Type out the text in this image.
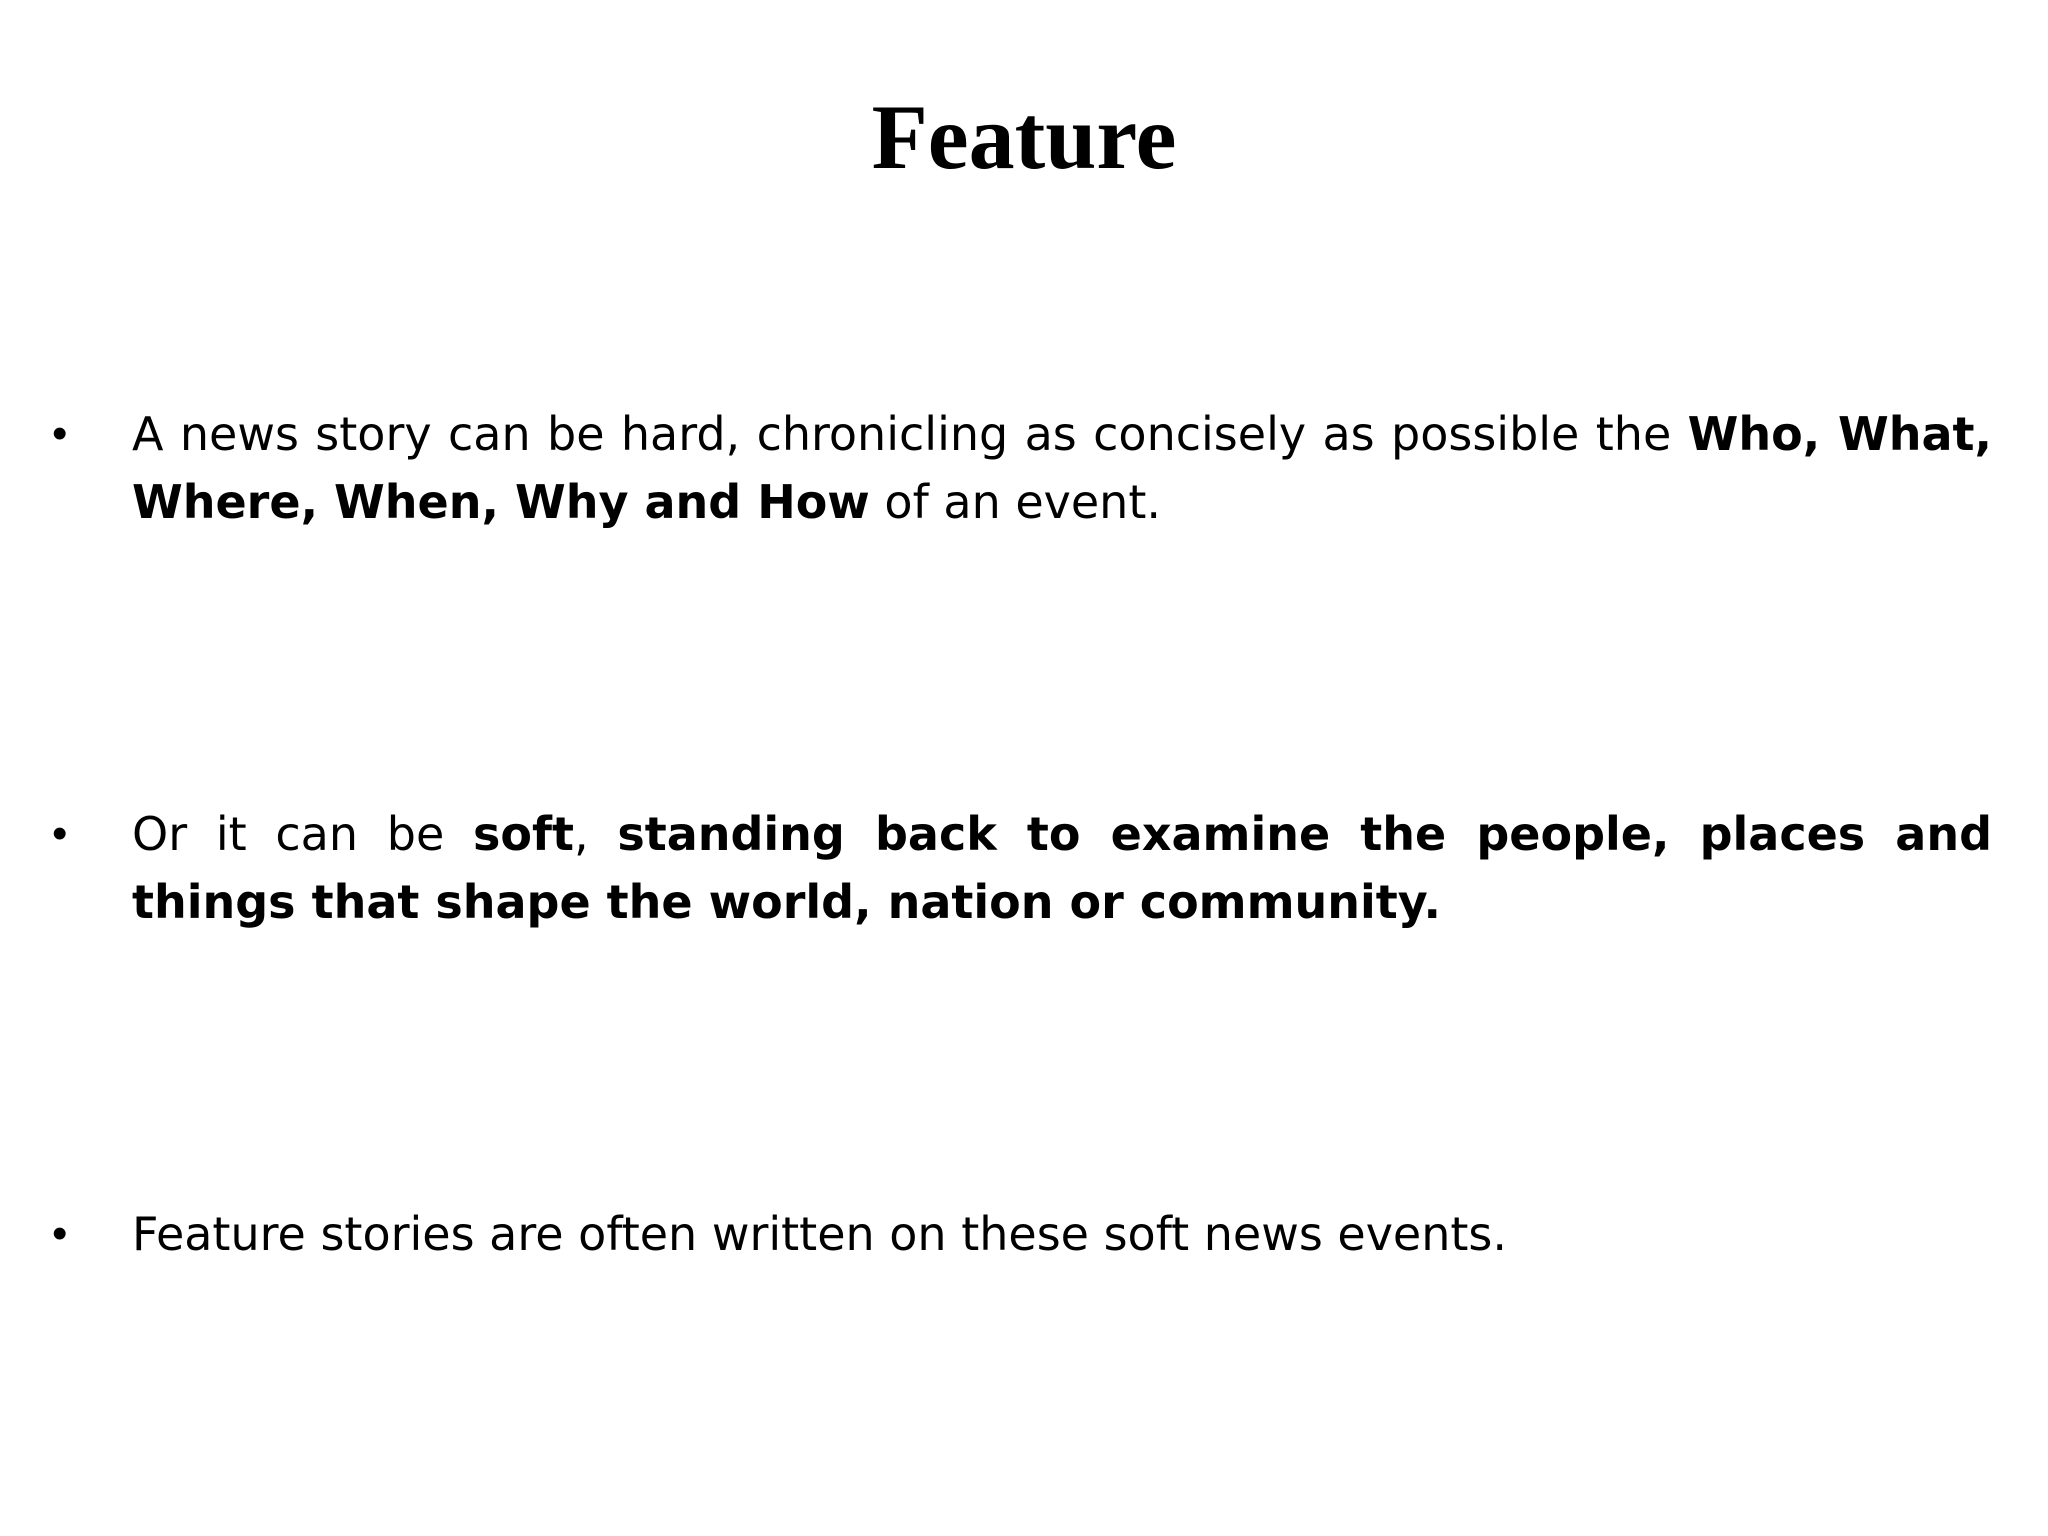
Feature
•	A news story can be hard, chronicling as concisely as possible the Who, What, Where, When, Why and How of an event.
•	Or it can be soft, standing back to examine the people, places and things that shape the world, nation or community.
•	Feature stories are often written on these soft news events.
